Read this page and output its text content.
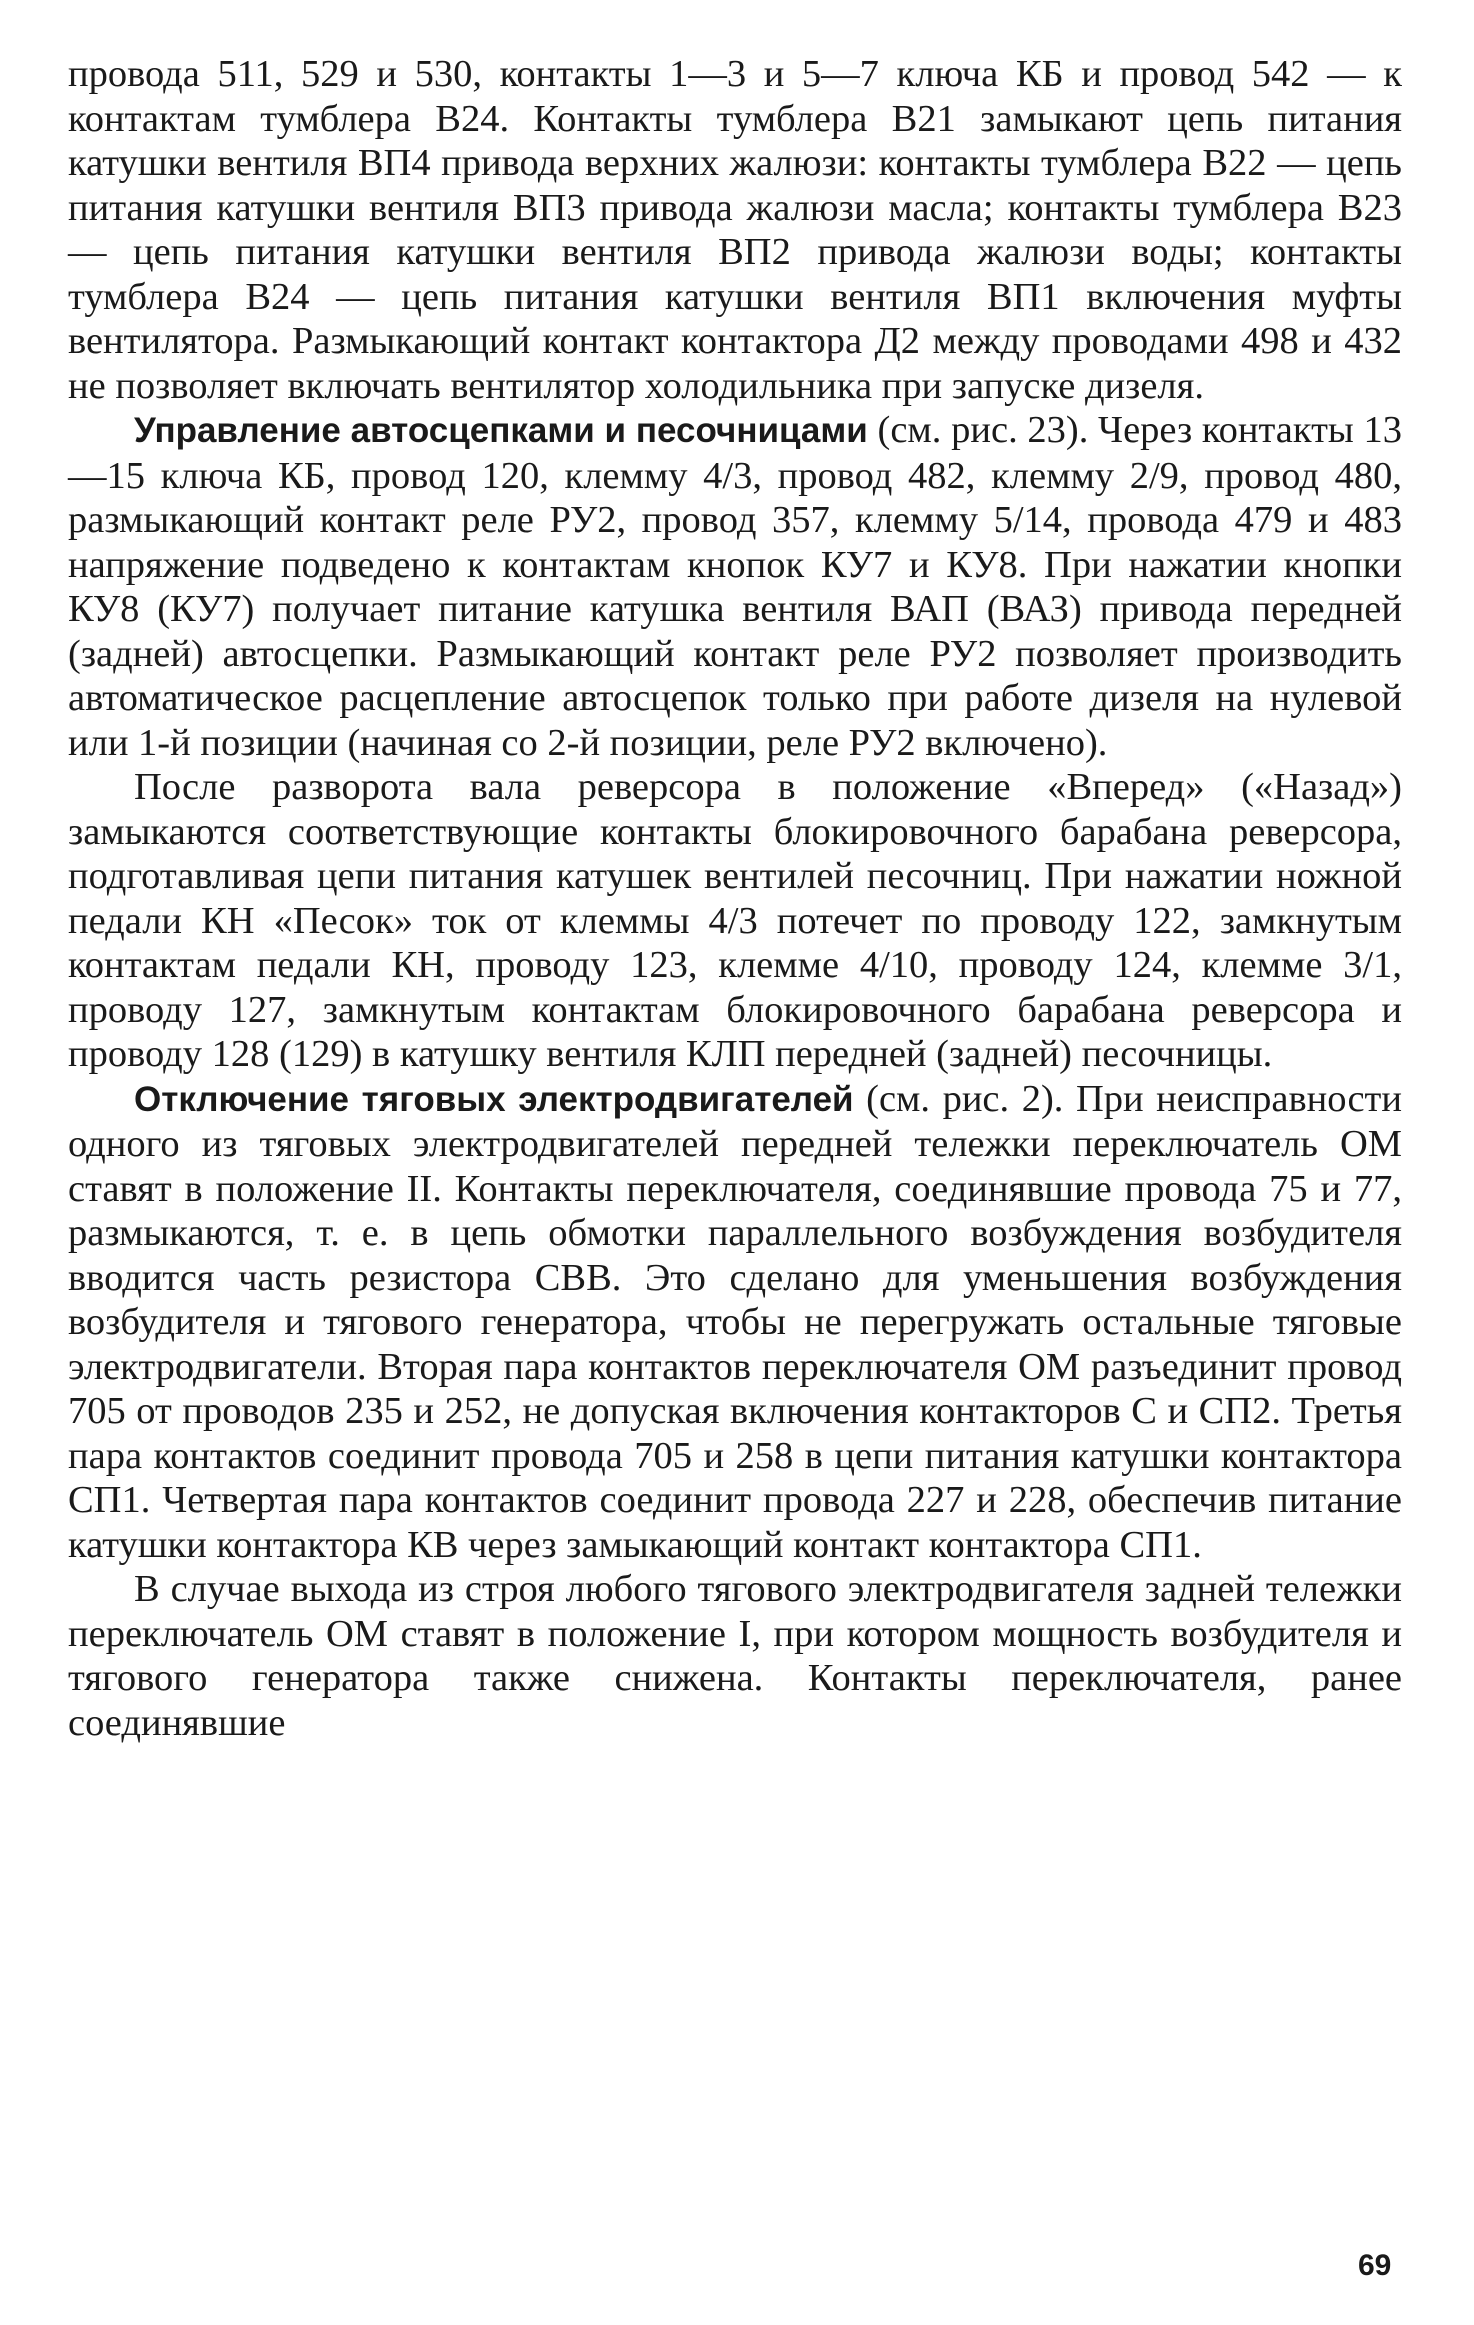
провода 511, 529 и 530, контакты 1—3 и 5—7 ключа КБ и провод 542 — к контактам тумблера В24. Контакты тумблера В21 замыкают цепь питания катушки вентиля ВП4 привода верхних жалюзи: контакты тумблера В22 — цепь питания катушки вентиля ВП3 привода жалюзи масла; контакты тумблера В23 — цепь питания катушки вентиля ВП2 привода жалюзи воды; контакты тумблера В24 — цепь питания катушки вентиля ВП1 включения муфты вентилятора. Размыкающий контакт контактора Д2 между проводами 498 и 432 не позволяет включать вентилятор холодильника при запуске дизеля.

Управление автосцепками и песочницами (см. рис. 23). Через контакты 13—15 ключа КБ, провод 120, клемму 4/3, провод 482, клемму 2/9, провод 480, размыкающий контакт реле РУ2, провод 357, клемму 5/14, провода 479 и 483 напряжение подведено к контактам кнопок КУ7 и КУ8. При нажатии кнопки КУ8 (КУ7) получает питание катушка вентиля ВАП (ВАЗ) привода передней (задней) автосцепки. Размыкающий контакт реле РУ2 позволяет производить автоматическое расцепление автосцепок только при работе дизеля на нулевой или 1-й позиции (начиная со 2-й позиции, реле РУ2 включено).

После разворота вала реверсора в положение «Вперед» («Назад») замыкаются соответствующие контакты блокировочного барабана реверсора, подготавливая цепи питания катушек вентилей песочниц. При нажатии ножной педали КН «Песок» ток от клеммы 4/3 потечет по проводу 122, замкнутым контактам педали КН, проводу 123, клемме 4/10, проводу 124, клемме 3/1, проводу 127, замкнутым контактам блокировочного барабана реверсора и проводу 128 (129) в катушку вентиля КЛП передней (задней) песочницы.

Отключение тяговых электродвигателей (см. рис. 2). При неисправности одного из тяговых электродвигателей передней тележки переключатель ОМ ставят в положение II. Контакты переключателя, соединявшие провода 75 и 77, размыкаются, т. е. в цепь обмотки параллельного возбуждения возбудителя вводится часть резистора СВВ. Это сделано для уменьшения возбуждения возбудителя и тягового генератора, чтобы не перегружать остальные тяговые электродвигатели. Вторая пара контактов переключателя ОМ разъединит провод 705 от проводов 235 и 252, не допуская включения контакторов С и СП2. Третья пара контактов соединит провода 705 и 258 в цепи питания катушки контактора СП1. Четвертая пара контактов соединит провода 227 и 228, обеспечив питание катушки контактора КВ через замыкающий контакт контактора СП1.

В случае выхода из строя любого тягового электродвигателя задней тележки переключатель ОМ ставят в положение I, при котором мощность возбудителя и тягового генератора также снижена. Контакты переключателя, ранее соединявшие

69
